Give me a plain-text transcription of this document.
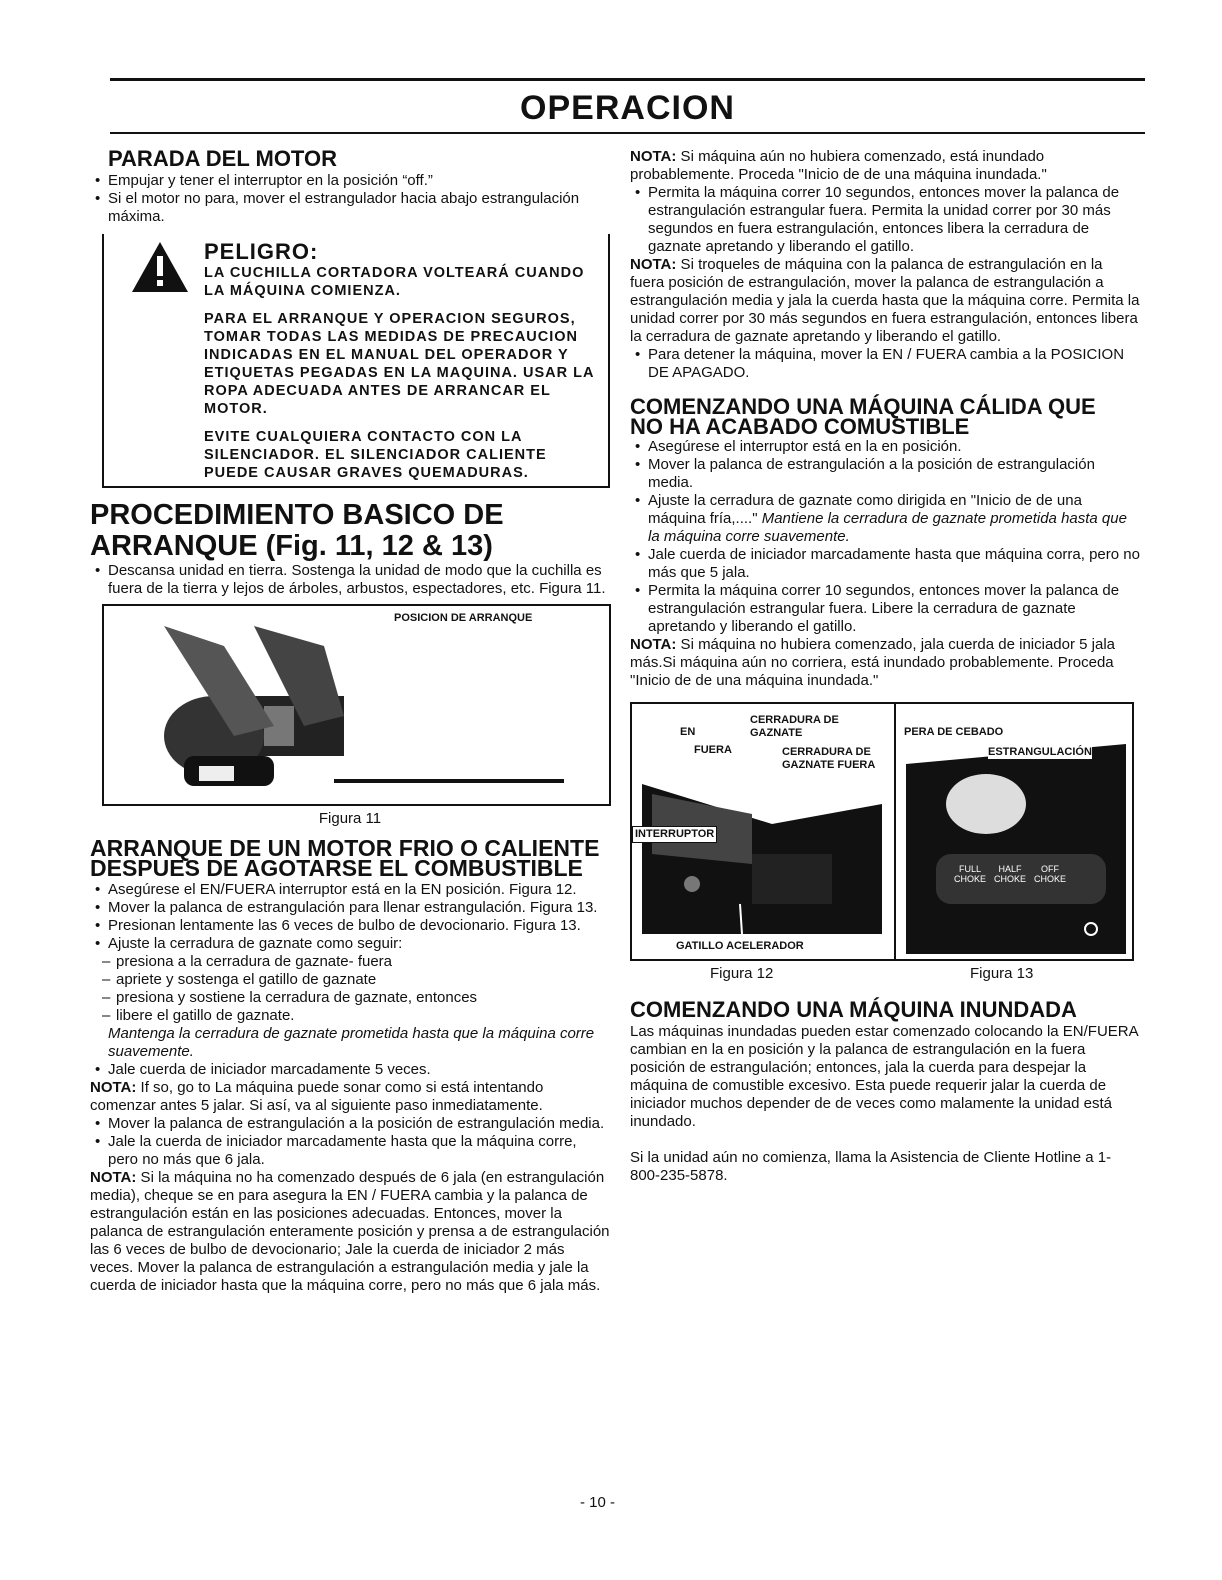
OPERACION
PARADA DEL MOTOR
• Empujar y tener el interruptor en la posición “off.”
• Si el motor no para, mover el estrangulador hacia abajo estrangulación máxima.
PELIGRO:

LA CUCHILLA CORTADORA VOLTEARÁ CUANDO LA MÁQUINA COMIENZA.

PARA EL ARRANQUE Y OPERACION SEGUROS, TOMAR TODAS LAS MEDIDAS DE PRECAUCION INDICADAS EN EL MANUAL DEL OPERADOR Y ETIQUETAS PEGADAS EN LA MAQUINA. USAR LA ROPA ADECUADA ANTES DE ARRANCAR EL MOTOR.

EVITE CUALQUIERA CONTACTO CON LA SILENCIADOR. EL SILENCIADOR CALIENTE PUEDE CAUSAR GRAVES QUEMADURAS.

PROCEDIMIENTO BASICO DE
ARRANQUE (Fig. 11, 12 & 13)
• Descansa unidad en tierra. Sostenga la unidad de modo que la cuchilla es fuera de la tierra y lejos de árboles, arbustos, espectadores, etc. Figura 11.
POSICION DE ARRANQUE
Figura 11
ARRANQUE DE UN MOTOR FRIO O CALIENTE
DESPUES DE AGOTARSE EL COMBUSTIBLE
• Asegúrese el EN/FUERA interruptor está en la EN posición. Figura 12.
• Mover la palanca de estrangulación para llenar estrangulación. Figura 13.
• Presionan lentamente las 6 veces de bulbo de devocionario. Figura 13.
• Ajuste la cerradura de gaznate como seguir:
– presiona a la cerradura de gaznate- fuera
– apriete y sostenga el gatillo de gaznate
– presiona y sostiene la cerradura de gaznate, entonces
– libere el gatillo de gaznate.

Mantenga la cerradura de gaznate prometida hasta que la máquina corre suavemente.

• Jale cuerda de iniciador marcadamente 5 veces.

NOTA: If so, go to La máquina puede sonar como si está intentando comenzar antes 5 jalar. Si así, va al siguiente paso inmediatamente.

• Mover la palanca de estrangulación a la posición de estrangulación media.
• Jale la cuerda de iniciador marcadamente hasta que la máquina corre, pero no más que 6 jala.

NOTA: Si la máquina no ha comenzado después de 6 jala (en estrangulación media), cheque se en para asegura la EN / FUERA cambia y la palanca de estrangulación están en las posiciones adecuadas. Entonces, mover la palanca de estrangulación enteramente posición y prensa a de estrangulación las 6 veces de bulbo de devocionario; Jale la cuerda de iniciador 2 más veces. Mover la palanca de estrangulación a estrangulación media y jale la cuerda de iniciador hasta que la máquina corre, pero no más que 6 jala más.

NOTA: Si máquina aún no hubiera comenzado, está inundado probablemente. Proceda "Inicio de de una máquina inundada."

• Permita la máquina correr 10 segundos, entonces mover la palanca de estrangulación estrangular fuera. Permita la unidad correr por 30 más segundos en fuera estrangulación, entonces libera la cerradura de gaznate apretando y liberando el gatillo.

NOTA: Si troqueles de máquina con la palanca de estrangulación en la fuera posición de estrangulación, mover la palanca de estrangulación a estrangulación media y jala la cuerda hasta que la máquina corre. Permita la unidad correr por 30 más segundos en fuera estrangulación, entonces libera la cerradura de gaznate apretando y liberando el gatillo.

• Para detener la máquina, mover la EN / FUERA cambia a la POSICION DE APAGADO.
COMENZANDO UNA MÁQUINA CÁLIDA QUE
NO HA ACABADO COMUSTIBLE
• Asegúrese el interruptor está en la en posición.
• Mover la palanca de estrangulación a la posición de estrangulación media.
• Ajuste la cerradura de gaznate como dirigida en "Inicio de de una máquina fría,...." Mantiene la cerradura de gaznate prometida hasta que la máquina corre suavemente.
• Jale cuerda de iniciador marcadamente hasta que máquina corra, pero no más que 5 jala.
• Permita la máquina correr 10 segundos, entonces mover la palanca de estrangulación estrangular fuera. Libere la cerradura de gaznate apretando y liberando el gatillo.

NOTA: Si máquina no hubiera comenzado, jala cuerda de iniciador 5 jala más.Si máquina aún no corriera, está inundado probablemente. Proceda "Inicio de de una máquina inundada."

EN
FUERA
CERRADURA DE GAZNATE
CERRADURA DE GAZNATE FUERA
INTERRUPTOR
GATILLO ACELERADOR
PERA DE CEBADO
ESTRANGULACIÓN
FULL CHOKE
HALF CHOKE
OFF CHOKE
Figura 12	Figura 13
COMENZANDO UNA MÁQUINA INUNDADA

Las máquinas inundadas pueden estar comenzado colocando la EN/FUERA cambian en la en posición y la palanca de estrangulación en la fuera posición de estrangulación; entonces, jala la cuerda para despejar la máquina de comustible excesivo. Esta puede requerir jalar la cuerda de iniciador muchos depender de de veces como malamente la unidad está inundado.

Si la unidad aún no comienza, llama la Asistencia de Cliente Hotline a 1-800-235-5878.

- 10 -
